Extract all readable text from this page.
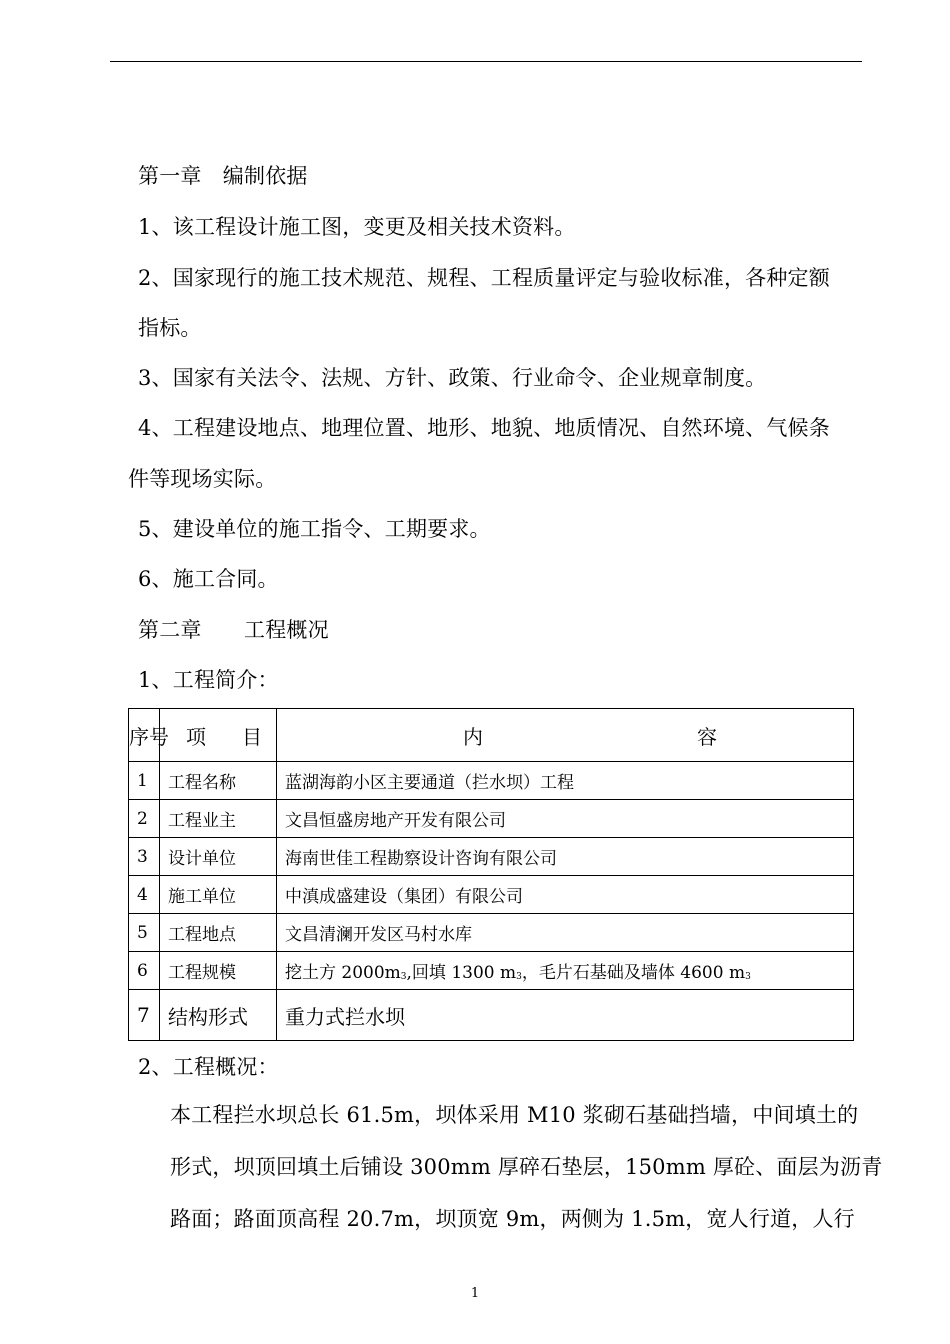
第一章　编制依据
1、该工程设计施工图，变更及相关技术资料。
2、国家现行的施工技术规范、规程、工程质量评定与验收标准，各种定额
指标。
3、国家有关法令、法规、方针、政策、行业命令、企业规章制度。
4、工程建设地点、地理位置、地形、地貌、地质情况、自然环境、气候条
件等现场实际。
5、建设单位的施工指令、工期要求。
6、施工合同。
第二章　　工程概况
1、工程简介：
序号	项 目	内 容

1	工程名称	蓝湖海韵小区主要通道（拦水坝）工程
2	工程业主	文昌恒盛房地产开发有限公司
3	设计单位	海南世佳工程勘察设计咨询有限公司
4	施工单位	中滇成盛建设（集团）有限公司
5	工程地点	文昌清澜开发区马村水库
6	工程规模	挖土方 2000m3,回填 1300 m3，毛片石基础及墙体 4600 m3
7	结构形式	重力式拦水坝
2、工程概况：
本工程拦水坝总长 61.5m，坝体采用 M10 浆砌石基础挡墙，中间填土的
形式，坝顶回填土后铺设 300mm 厚碎石垫层，150mm 厚砼、面层为沥青
路面；路面顶高程 20.7m，坝顶宽 9m，两侧为 1.5m，宽人行道，人行
1
